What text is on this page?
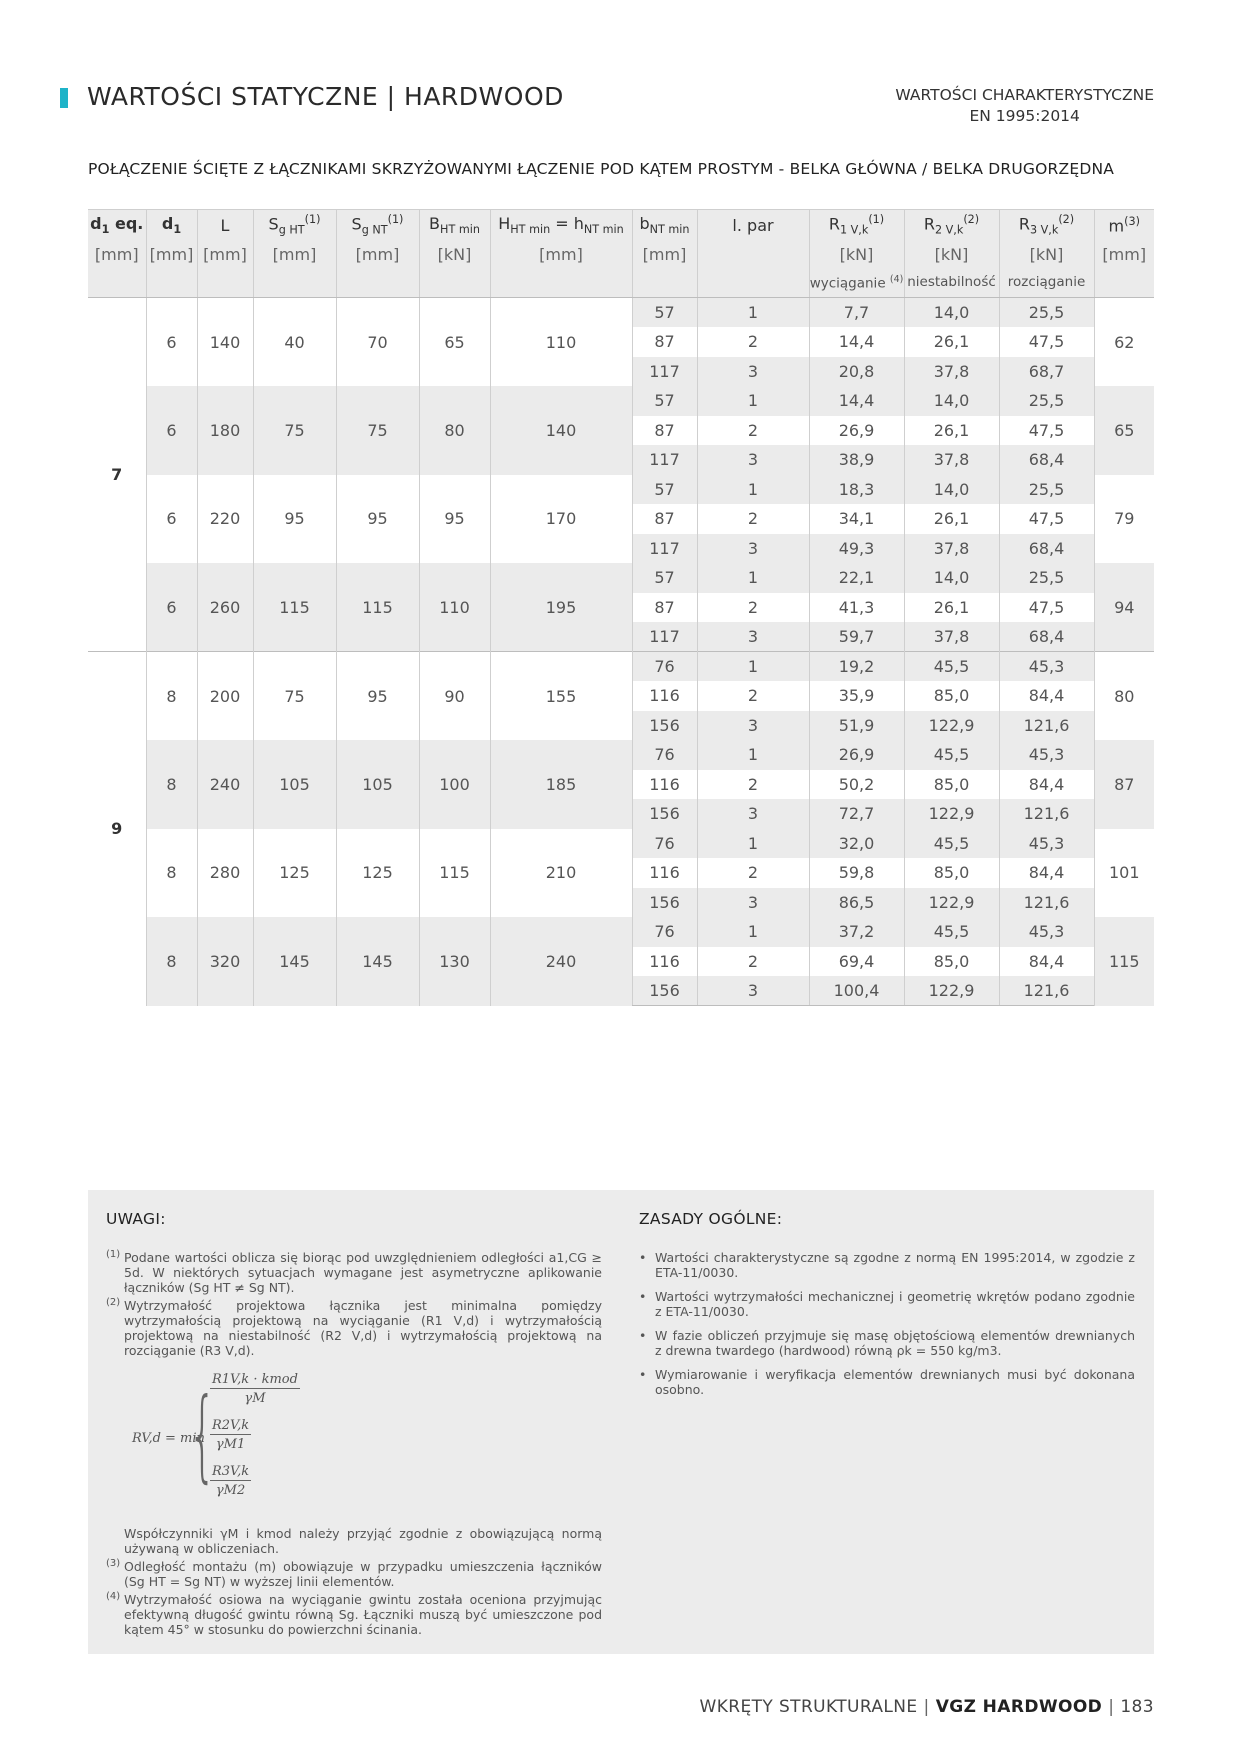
WARTOŚCI STATYCZNE | HARDWOOD	WARTOŚCI CHARAKTERYSTYCZNE
EN 1995:2014
POŁĄCZENIE ŚCIĘTE Z ŁĄCZNIKAMI SKRZYŻOWANYMI ŁĄCZENIE POD KĄTEM PROSTYM - BELKA GŁÓWNA / BELKA DRUGORZĘDNA
$d_1$ eq.	$d_1$	L	$S_{g HT}^{(1)}$	$S_{g NT}^{(1)}$	$B_{HT min}$	$H_{HT min} = h_{NT min}$	$b_{NT min}$	l. par	$R_{1 V,k}^{(1)}$	$R_{2 V,k}^{(2)}$	$R_{3 V,k}^{(2)}$	$m^{(3)}$
[mm]	[mm]	[mm]	[mm]	[mm]	[kN]	[mm]	[mm]		[kN]	[kN]	[kN]	[mm]
									wyciąganie $^{(4)}$	niestabilność	rozciąganie	
7	6	140	40	70	65	110	57	1	7,7	14,0	25,5	62
							87	2	14,4	26,1	47,5	
							117	3	20,8	37,8	68,7	
	6	180	75	75	80	140	57	1	14,4	14,0	25,5	65
							87	2	26,9	26,1	47,5	
							117	3	38,9	37,8	68,4	
	6	220	95	95	95	170	57	1	18,3	14,0	25,5	79
							87	2	34,1	26,1	47,5	
							117	3	49,3	37,8	68,4	
	6	260	115	115	110	195	57	1	22,1	14,0	25,5	94
							87	2	41,3	26,1	47,5	
							117	3	59,7	37,8	68,4	
9	8	200	75	95	90	155	76	1	19,2	45,5	45,3	80
							116	2	35,9	85,0	84,4	
							156	3	51,9	122,9	121,6	
	8	240	105	105	100	185	76	1	26,9	45,5	45,3	87
							116	2	50,2	85,0	84,4	
							156	3	72,7	122,9	121,6	
	8	280	125	125	115	210	76	1	32,0	45,5	45,3	101
							116	2	59,8	85,0	84,4	
							156	3	86,5	122,9	121,6	
	8	320	145	145	130	240	76	1	37,2	45,5	45,3	115
							116	2	69,4	85,0	84,4	
							156	3	100,4	122,9	121,6	
UWAGI:
(1) Podane wartości oblicza się biorąc pod uwzględnieniem odległości a1,CG ≥ 5d. W niektórych sytuacjach wymagane jest asymetryczne aplikowanie łączników (Sg HT ≠ Sg NT).
(2) Wytrzymałość projektowa łącznika jest minimalna pomiędzy wytrzymałością projektową na wyciąganie (R1 V,d) i wytrzymałością projektową na niestabilność (R2 V,d) i wytrzymałością projektową na rozciąganie (R3 V,d).
RV,d = min
{
R1V,k · kmod
γM
$\frac{R2V,k}{\gamma M1}$
$\frac{R3V,k}{\gamma M2}$
Współczynniki γM i kmod należy przyjąć zgodnie z obowiązującą normą używaną w obliczeniach.
(3) Odległość montażu (m) obowiązuje w przypadku umieszczenia łączników (Sg HT = Sg NT) w wyższej linii elementów.
(4) Wytrzymałość osiowa na wyciąganie gwintu została oceniona przyjmując efektywną długość gwintu równą Sg. Łączniki muszą być umieszczone pod kątem 45° w stosunku do powierzchni ścinania.
ZASADY OGÓLNE:
• Wartości charakterystyczne są zgodne z normą EN 1995:2014, w zgodzie z ETA-11/0030.
• Wartości wytrzymałości mechanicznej i geometrię wkrętów podano zgodnie z ETA-11/0030.
• W fazie obliczeń przyjmuje się masę objętościową elementów drewnianych z drewna twardego (hardwood) równą ρk = 550 kg/m3.
• Wymiarowanie i weryfikacja elementów drewnianych musi być dokonana osobno.
WKRĘTY STRUKTURALNE | VGZ HARDWOOD | 183
